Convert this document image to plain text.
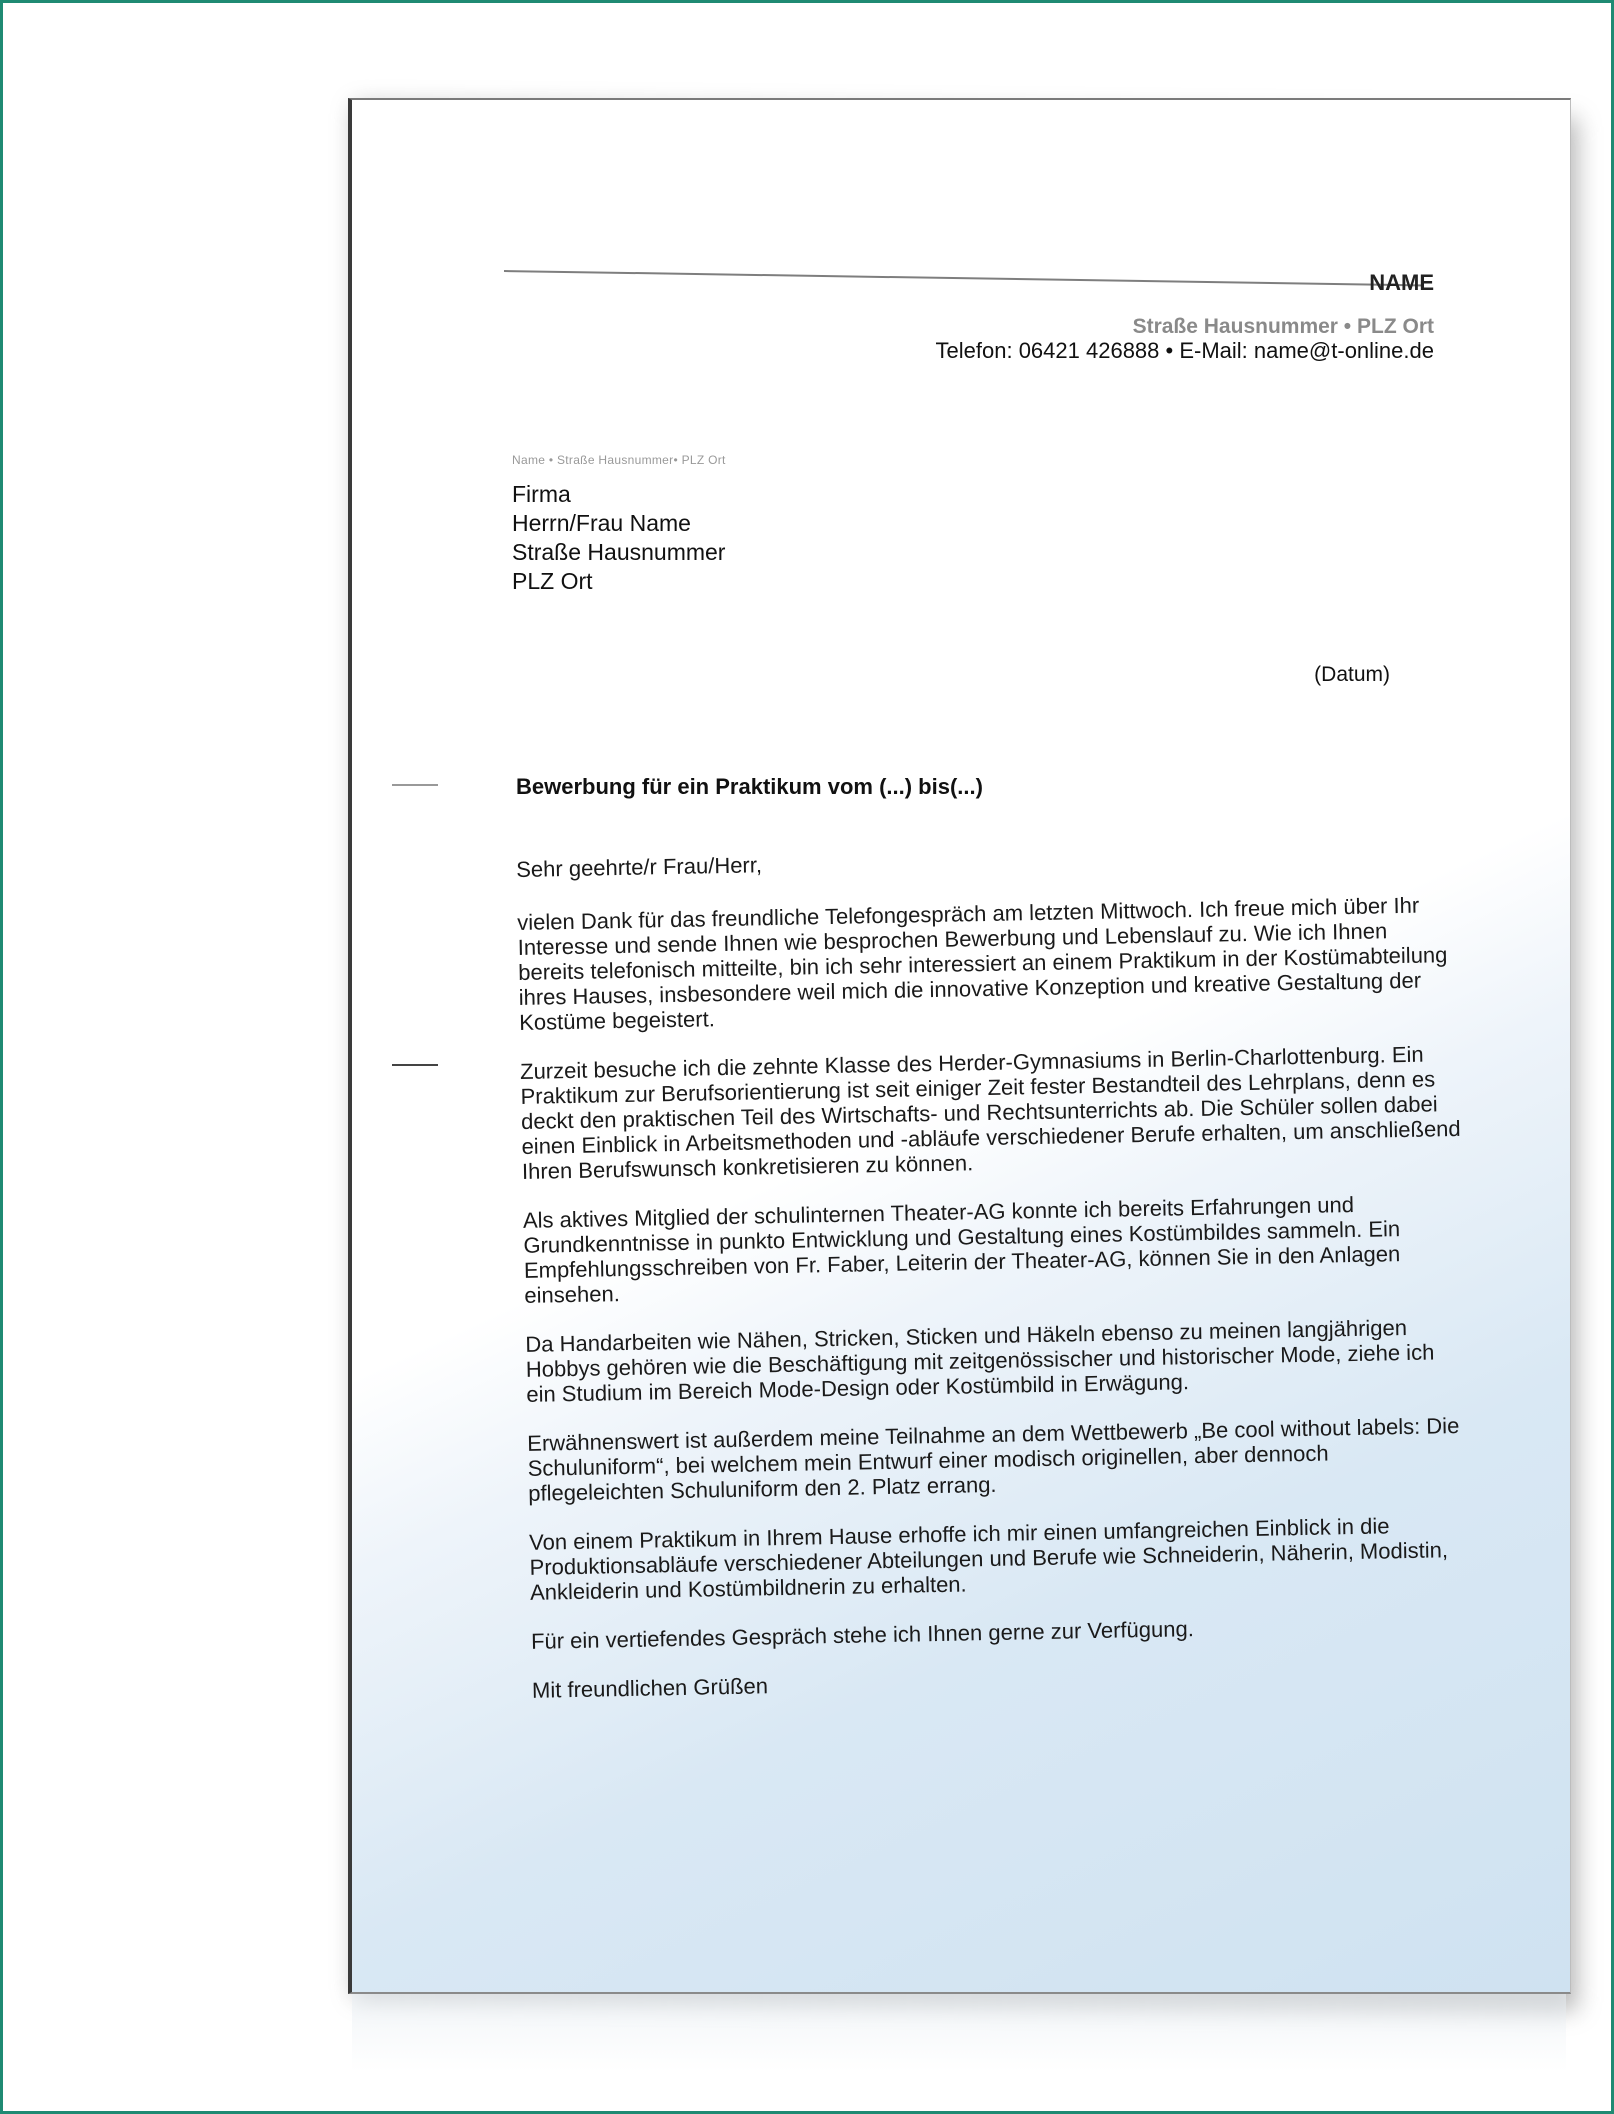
NAME
Straße Hausnummer • PLZ Ort
Telefon: 06421 426888 • E-Mail: name@t-online.de
Name • Straße Hausnummer• PLZ Ort
Firma
Herrn/Frau Name
Straße Hausnummer
PLZ Ort
(Datum)
Bewerbung für ein Praktikum vom (...) bis(...)

Sehr geehrte/r Frau/Herr,

vielen Dank für das freundliche Telefongespräch am letzten Mittwoch. Ich freue mich über Ihr Interesse und sende Ihnen wie besprochen Bewerbung und Lebenslauf zu. Wie ich Ihnen bereits telefonisch mitteilte, bin ich sehr interessiert an einem Praktikum in der Kostümabteilung ihres Hauses, insbesondere weil mich die innovative Konzeption und kreative Gestaltung der Kostüme begeistert.

Zurzeit besuche ich die zehnte Klasse des Herder-Gymnasiums in Berlin-Charlottenburg. Ein Praktikum zur Berufsorientierung ist seit einiger Zeit fester Bestandteil des Lehrplans, denn es deckt den praktischen Teil des Wirtschafts- und Rechtsunterrichts ab. Die Schüler sollen dabei einen Einblick in Arbeitsmethoden und -abläufe verschiedener Berufe erhalten, um anschließend Ihren Berufswunsch konkretisieren zu können.

Als aktives Mitglied der schulinternen Theater-AG konnte ich bereits Erfahrungen und Grundkenntnisse in punkto Entwicklung und Gestaltung eines Kostümbildes sammeln. Ein Empfehlungsschreiben von Fr. Faber, Leiterin der Theater-AG, können Sie in den Anlagen einsehen.

Da Handarbeiten wie Nähen, Stricken, Sticken und Häkeln ebenso zu meinen langjährigen Hobbys gehören wie die Beschäftigung mit zeitgenössischer und historischer Mode, ziehe ich ein Studium im Bereich Mode-Design oder Kostümbild in Erwägung.

Erwähnenswert ist außerdem meine Teilnahme an dem Wettbewerb „Be cool without labels: Die Schuluniform“, bei welchem mein Entwurf einer modisch originellen, aber dennoch pflegeleichten Schuluniform den 2. Platz errang.

Von einem Praktikum in Ihrem Hause erhoffe ich mir einen umfangreichen Einblick in die Produktionsabläufe verschiedener Abteilungen und Berufe wie Schneiderin, Näherin, Modistin, Ankleiderin und Kostümbildnerin zu erhalten.

Für ein vertiefendes Gespräch stehe ich Ihnen gerne zur Verfügung.

Mit freundlichen Grüßen
